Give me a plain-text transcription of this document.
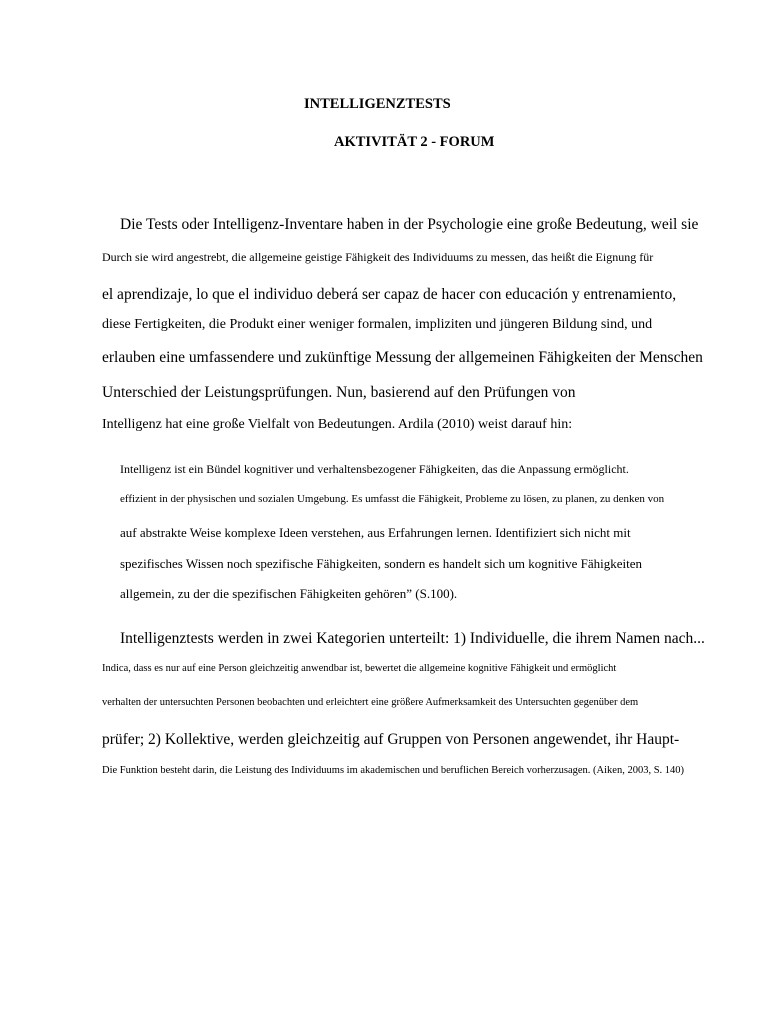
INTELLIGENZTESTS
AKTIVITÄT 2 - FORUM
Die Tests oder Intelligenz-Inventare haben in der Psychologie eine große Bedeutung, weil sie
Durch sie wird angestrebt, die allgemeine geistige Fähigkeit des Individuums zu messen, das heißt die Eignung für
el aprendizaje, lo que el individuo deberá ser capaz de hacer con educación y entrenamiento,
diese Fertigkeiten, die Produkt einer weniger formalen, impliziten und jüngeren Bildung sind, und
erlauben eine umfassendere und zukünftige Messung der allgemeinen Fähigkeiten der Menschen
Unterschied der Leistungsprüfungen. Nun, basierend auf den Prüfungen von
Intelligenz hat eine große Vielfalt von Bedeutungen. Ardila (2010) weist darauf hin:
Intelligenz ist ein Bündel kognitiver und verhaltensbezogener Fähigkeiten, das die Anpassung ermöglicht.
effizient in der physischen und sozialen Umgebung. Es umfasst die Fähigkeit, Probleme zu lösen, zu planen, zu denken von
auf abstrakte Weise komplexe Ideen verstehen, aus Erfahrungen lernen. Identifiziert sich nicht mit
spezifisches Wissen noch spezifische Fähigkeiten, sondern es handelt sich um kognitive Fähigkeiten
allgemein, zu der die spezifischen Fähigkeiten gehören” (S.100).
Intelligenztests werden in zwei Kategorien unterteilt: 1) Individuelle, die ihrem Namen nach...
Indica, dass es nur auf eine Person gleichzeitig anwendbar ist, bewertet die allgemeine kognitive Fähigkeit und ermöglicht
verhalten der untersuchten Personen beobachten und erleichtert eine größere Aufmerksamkeit des Untersuchten gegenüber dem
prüfer; 2) Kollektive, werden gleichzeitig auf Gruppen von Personen angewendet, ihr Haupt-
Die Funktion besteht darin, die Leistung des Individuums im akademischen und beruflichen Bereich vorherzusagen. (Aiken, 2003, S. 140)
